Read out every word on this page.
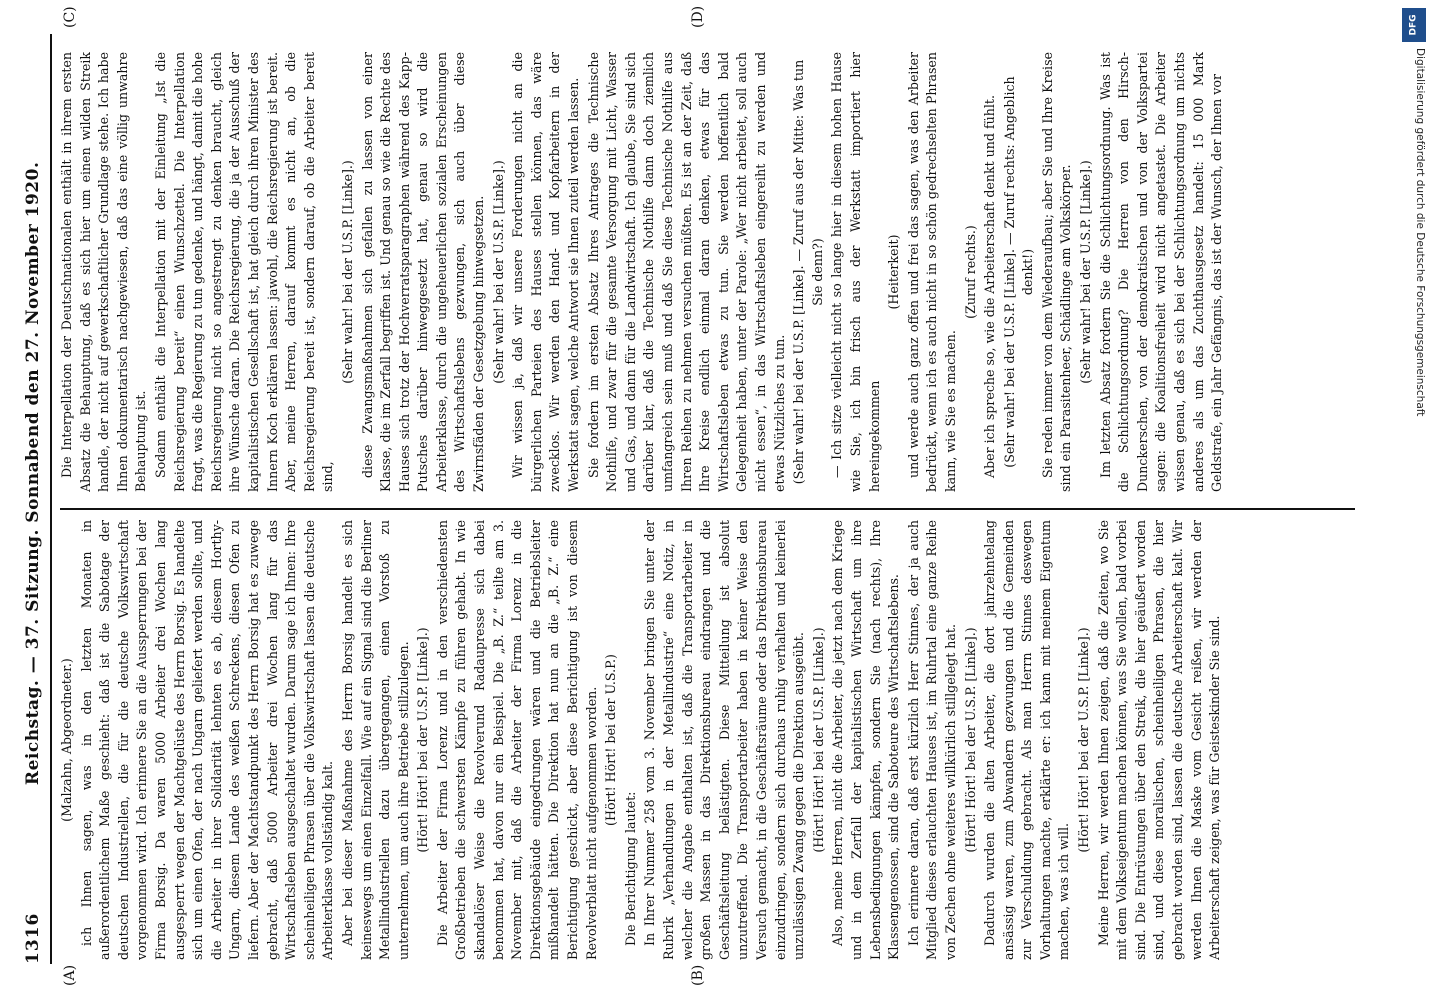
1316
Reichstag. — 37. Sitzung. Sonnabend den 27. November 1920.
(A)	(B)
(C)	(D)

(Malzahn, Abgeordneter.) ich Ihnen sagen, was in den letzten Monaten in außerordentlichem Maße geschieht: daß ist die Sabotage der deutschen Industriellen, die für die deutsche Volkswirtschaft vorgenommen wird. Ich erinnere Sie an die Aussperrungen bei der Firma Borsig. Da waren 5000 Arbeiter drei Wochen lang ausgesperrt wegen der Machtgelüste des Herrn Borsig. Es handelte sich um einen Ofen, der nach Ungarn geliefert werden sollte, und die Arbeiter in ihrer Solidarität lehnten es ab, diesem Horthy-Ungarn, diesem Lande des weißen Schreckens, diesen Ofen zu liefern. Aber der Machtstandpunkt des Herrn Borsig hat es zuwege gebracht, daß 5000 Arbeiter drei Wochen lang für das Wirtschaftsleben ausgeschaltet wurden. Darum sage ich Ihnen: Ihre scheinheiligen Phrasen über die Volkswirtschaft lassen die deutsche Arbeiterklasse vollständig kalt. Aber bei dieser Maßnahme des Herrn Borsig handelt es sich keineswegs um einen Einzelfall. Wie auf ein Signal sind die Berliner Metallindustriellen dazu übergegangen, einen Vorstoß zu unternehmen, um auch ihre Betriebe stillzulegen. (Hört! Hört! bei der U.S.P. [Linke].) Die Arbeiter der Firma Lorenz und in den verschiedensten Großbetrieben die schwersten Kämpfe zu führen gehabt. In wie skandalöser Weise die Revolverund Radaupresse sich dabei benommen hat, davon nur ein Beispiel. Die „B. Z.“ teilte am 3. November mit, daß die Arbeiter der Firma Lorenz in die Direktionsgebäude eingedrungen wären und die Betriebsleiter mißhandelt hätten. Die Direktion hat nun an die „B. Z.“ eine Berichtigung geschickt, aber diese Berichtigung ist von diesem Revolverblatt nicht aufgenommen worden. (Hört! Hört! bei der U.S.P.)

Die Berichtigung lautet: In Ihrer Nummer 258 vom 3. November bringen Sie unter der Rubrik „Verhandlungen in der Metallindustrie“ eine Notiz, in welcher die Angabe enthalten ist, daß die Transportarbeiter in großen Massen in das Direktionsbureau eindrangen und die Geschäftsleitung belästigten. Diese Mitteilung ist absolut unzutreffend. Die Transportarbeiter haben in keiner Weise den Versuch gemacht, in die Geschäftsräume oder das Direktionsbureau einzudringen, sondern sich durchaus ruhig verhalten und keinerlei unzulässigen Zwang gegen die Direktion ausgeübt. (Hört! Hört! bei der U.S.P. [Linke].) Also, meine Herren, nicht die Arbeiter, die jetzt nach dem Kriege und in dem Zerfall der kapitalistischen Wirtschaft um ihre Lebensbedingungen kämpfen, sondern Sie (nach rechts), Ihre Klassengenossen, sind die Saboteure des Wirtschaftslebens. Ich erinnere daran, daß erst kürzlich Herr Stinnes, der ja auch Mitglied dieses erlauchten Hauses ist, im Ruhrtal eine ganze Reihe von Zechen ohne weiteres willkürlich stillgelegt hat. (Hört! Hört! bei der U.S.P. [Linke].) Dadurch wurden die alten Arbeiter, die dort jahrzehntelang ansässig waren, zum Abwandern gezwungen und die Gemeinden zur Verschuldung gebracht. Als man Herrn Stinnes deswegen Vorhaltungen machte, erklärte er: ich kann mit meinem Eigentum machen, was ich will.

(Hört! Hört! bei der U.S.P. [Linke].) Meine Herren, wir werden Ihnen zeigen, daß die Zeiten, wo Sie mit dem Volkseigentum machen können, was Sie wollen, bald vorbei sind. Die Entrüstungen über den Streik, die hier geäußert worden sind, und diese moralischen, scheinheiligen Phrasen, die hier gebracht worden sind, lassen die deutsche Arbeiterschaft kalt. Wir werden Ihnen die Maske vom Gesicht reißen, wir werden der Arbeiterschaft zeigen, was für Geisteskinder Sie sind.

Die Interpellation der Deutschnationalen enthält in ihrem ersten Absatz die Behauptung, daß es sich hier um einen wilden Streik handle, der nicht auf gewerkschaftlicher Grundlage stehe. Ich habe Ihnen dokumentarisch nachgewiesen, daß das eine völlig unwahre Behauptung ist. Sodann enthält die Interpellation mit der Einleitung „Ist die Reichsregierung bereit“ einen Wunschzettel. Die Interpellation fragt, was die Regierung zu tun gedenke, und hängt, damit die hohe Reichsregierung nicht so angestrengt zu denken braucht, gleich ihre Wünsche daran. Die Reichsregierung, die ja der Ausschuß der kapitalistischen Gesellschaft ist, hat gleich durch ihren Minister des Innern Koch erklären lassen: jawohl, die Reichsregierung ist bereit. Aber, meine Herren, darauf kommt es nicht an, ob die Reichsregierung bereit ist, sondern darauf, ob die Arbeiter bereit sind,

(Sehr wahr! bei der U.S.P. [Linke].) diese Zwangsmaßnahmen sich gefallen zu lassen von einer Klasse, die im Zerfall begriffen ist. Und genau so wie die Rechte des Hauses sich trotz der Hochverratsparagraphen während des Kapp-Putsches darüber hinweggesetzt hat, genau so wird die Arbeiterklasse, durch die ungeheuerlichen sozialen Erscheinungen des Wirtschaftslebens gezwungen, sich auch über diese Zwirnsfäden der Gesetzgebung hinwegsetzen. (Sehr wahr! bei der U.S.P. [Linke].) Wir wissen ja, daß wir unsere Forderungen nicht an die bürgerlichen Parteien des Hauses stellen können, das wäre zwecklos. Wir werden den Hand- und Kopfarbeitern in der Werkstatt sagen, welche Antwort sie Ihnen zuteil werden lassen. Sie fordern im ersten Absatz Ihres Antrages die Technische Nothilfe, und zwar für die gesamte Versorgung mit Licht, Wasser und Gas, und dann für die Landwirtschaft. Ich glaube, Sie sind sich darüber klar, daß die Technische Nothilfe dann doch ziemlich umfangreich sein muß und daß Sie diese Technische Nothilfe aus Ihren Reihen zu nehmen versuchen müßten. Es ist an der Zeit, daß Ihre Kreise endlich einmal daran denken, etwas für das Wirtschaftsleben etwas zu tun. Sie werden hoffentlich bald Gelegenheit haben, unter der Parole: „Wer nicht arbeitet, soll auch nicht essen“, in das Wirtschaftsleben eingereiht zu werden und etwas Nützliches zu tun. (Sehr wahr! bei der U.S.P. [Linke]. — Zuruf aus der Mitte: Was tun Sie denn?) — Ich sitze vielleicht nicht so lange hier in diesem hohen Hause wie Sie, ich bin frisch aus der Werkstatt importiert hier hereingekommen

(Heiterkeit) und werde auch ganz offen und frei das sagen, was den Arbeiter bedrückt, wenn ich es auch nicht in so schön gedrechselten Phrasen kann, wie Sie es machen.

(Zuruf rechts.) Aber ich spreche so, wie die Arbeiterschaft denkt und fühlt. (Sehr wahr! bei der U.S.P. [Linke]. — Zuruf rechts: Angeblich denkt!) Sie reden immer von dem Wiederaufbau; aber Sie und Ihre Kreise sind ein Parasitenheer, Schädlinge am Volkskörper. (Sehr wahr! bei der U.S.P. [Linke].) Im letzten Absatz fordern Sie die Schlichtungsordnung. Was ist die Schlichtungsordnung? Die Herren von den Hirsch-Dunckerschen, von der demokratischen und von der Volkspartei sagen: die Koalitionsfreiheit wird nicht angetastet. Die Arbeiter wissen genau, daß es sich bei der Schlichtungsordnung um nichts anderes als um das Zuchthausgesetz handelt: 15 000 Mark Geldstrafe, ein Jahr Gefängnis, das ist der Wunsch, der Ihnen vor

DFG
Digitalisierung gefördert durch die Deutsche Forschungsgemeinschaft
